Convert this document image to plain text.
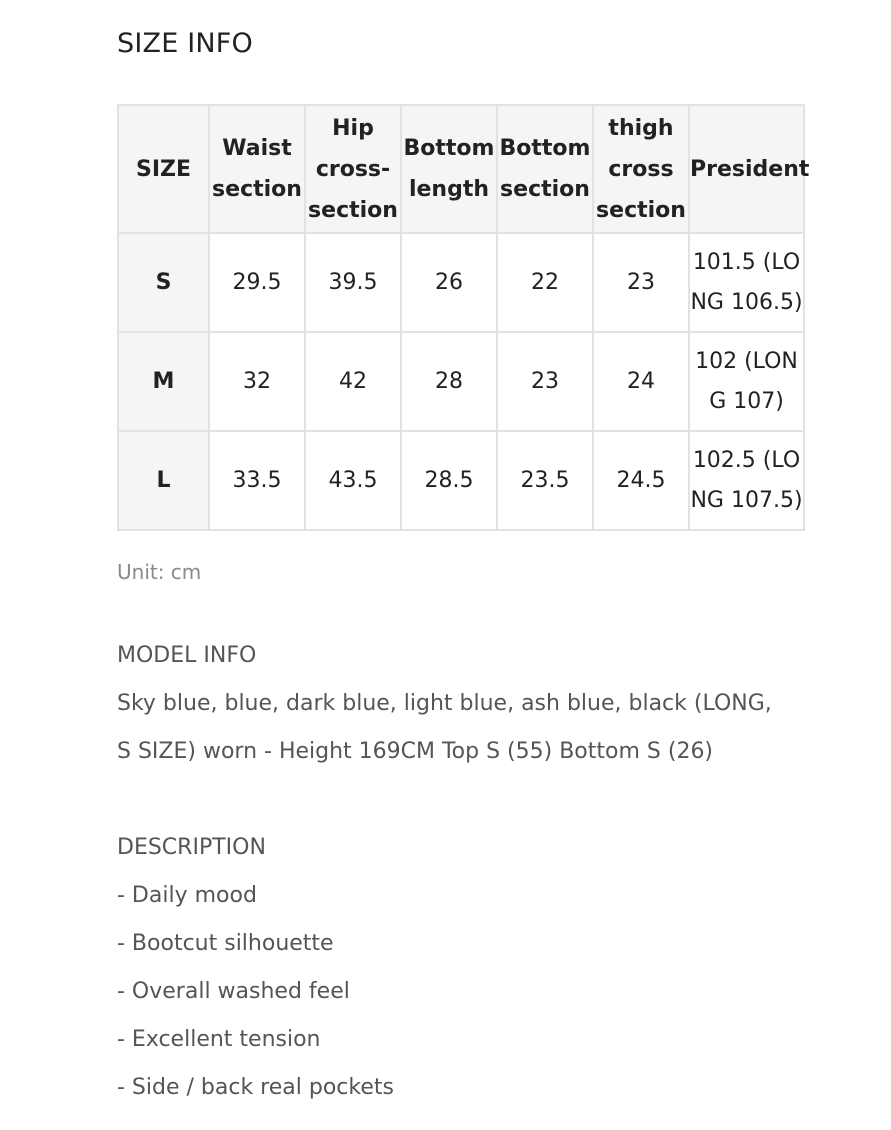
SIZE INFO
SIZE	Waist section	Hip cross-section	Bottom length	Bottom section	thigh cross section	President
S	29.5	39.5	26	22	23	101.5 (LONG 106.5)
M	32	42	28	23	24	102 (LONG 107)
L	33.5	43.5	28.5	23.5	24.5	102.5 (LONG 107.5)
Unit: cm
MODEL INFO
Sky blue, blue, dark blue, light blue, ash blue, black (LONG, S SIZE) worn - Height 169CM Top S (55) Bottom S (26)
DESCRIPTION
- Daily mood
- Bootcut silhouette
- Overall washed feel
- Excellent tension
- Side / back real pockets
